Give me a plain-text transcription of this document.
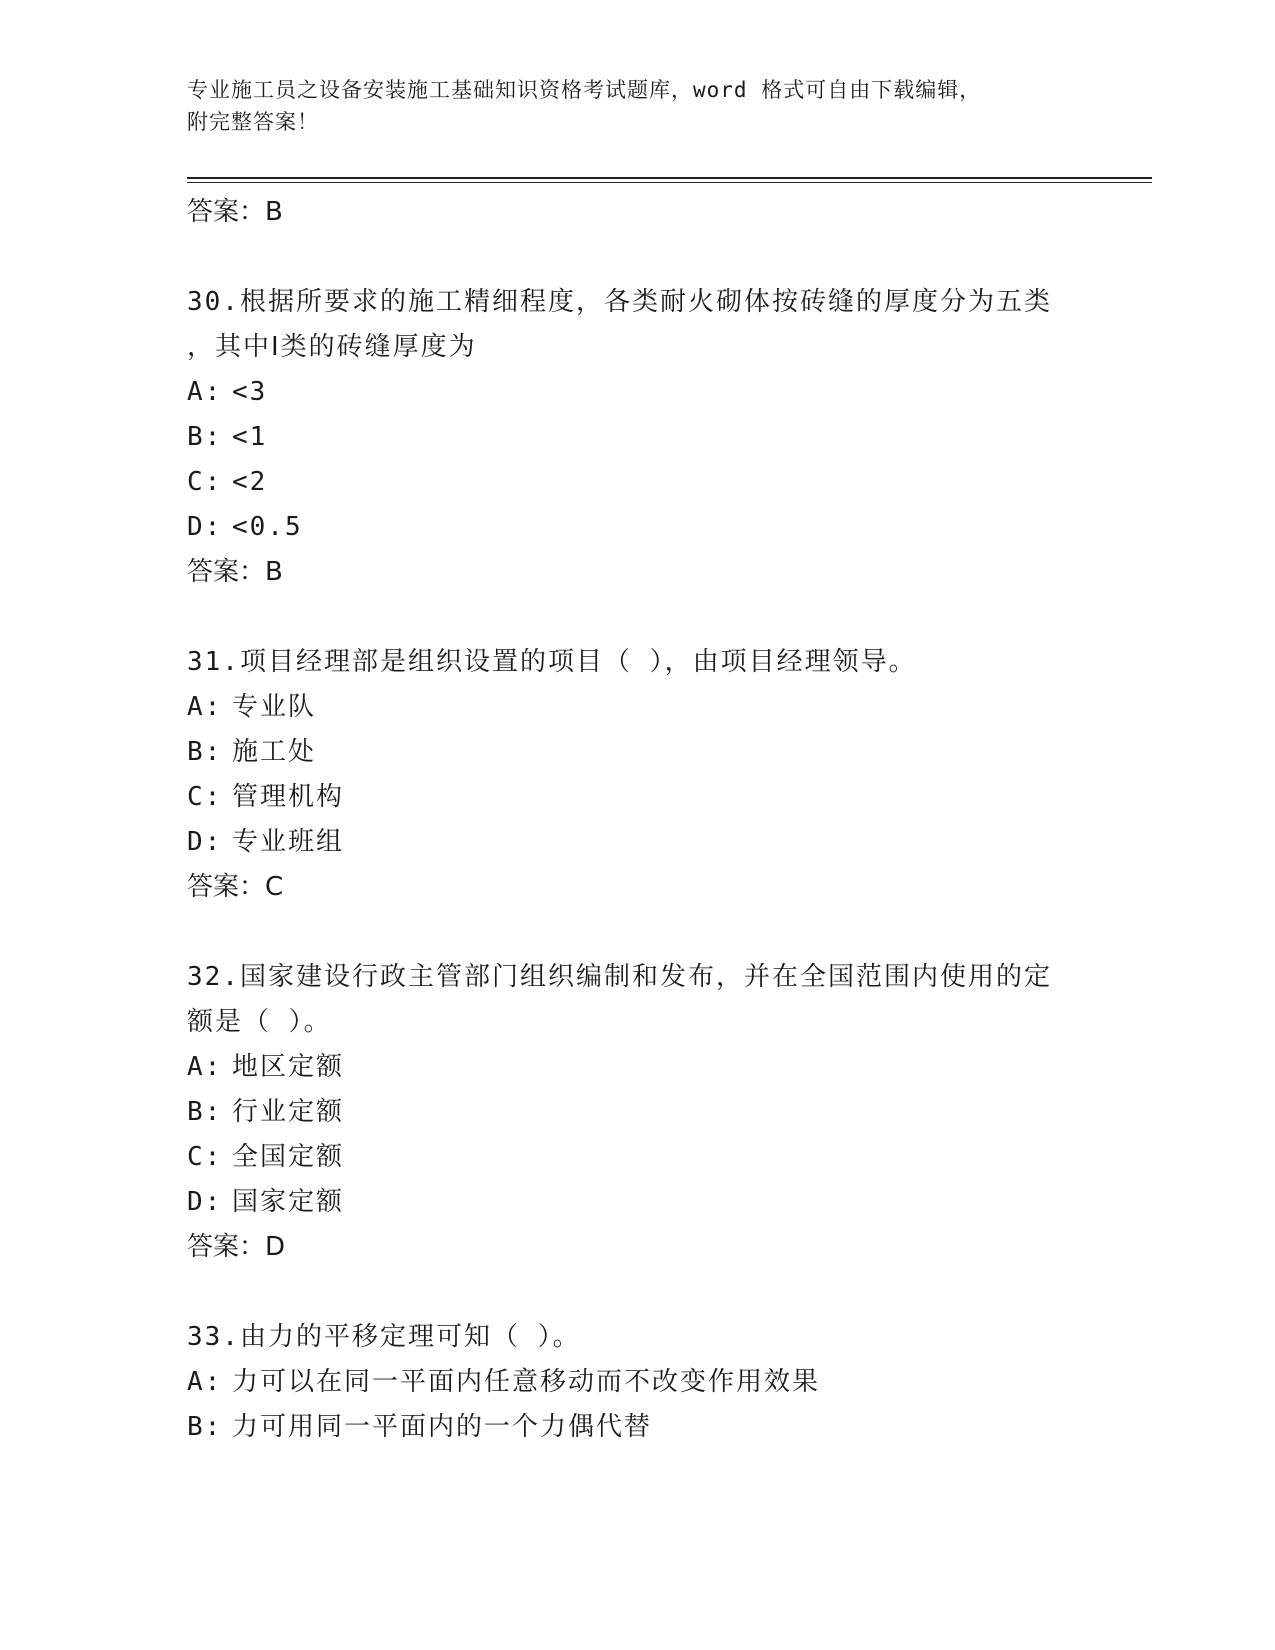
专业施工员之设备安装施工基础知识资格考试题库，word 格式可自由下载编辑，
附完整答案！
答案：B
30.根据所要求的施工精细程度，各类耐火砌体按砖缝的厚度分为五类
，其中Ⅰ类的砖缝厚度为
A: <3
B: <1
C: <2
D: <0.5
答案：B
31.项目经理部是组织设置的项目（ ），由项目经理领导。
A: 专业队
B: 施工处
C: 管理机构
D: 专业班组
答案：C
32.国家建设行政主管部门组织编制和发布，并在全国范围内使用的定
额是（ ）。
A: 地区定额
B: 行业定额
C: 全国定额
D: 国家定额
答案：D
33.由力的平移定理可知（ ）。
A: 力可以在同一平面内任意移动而不改变作用效果
B: 力可用同一平面内的一个力偶代替
